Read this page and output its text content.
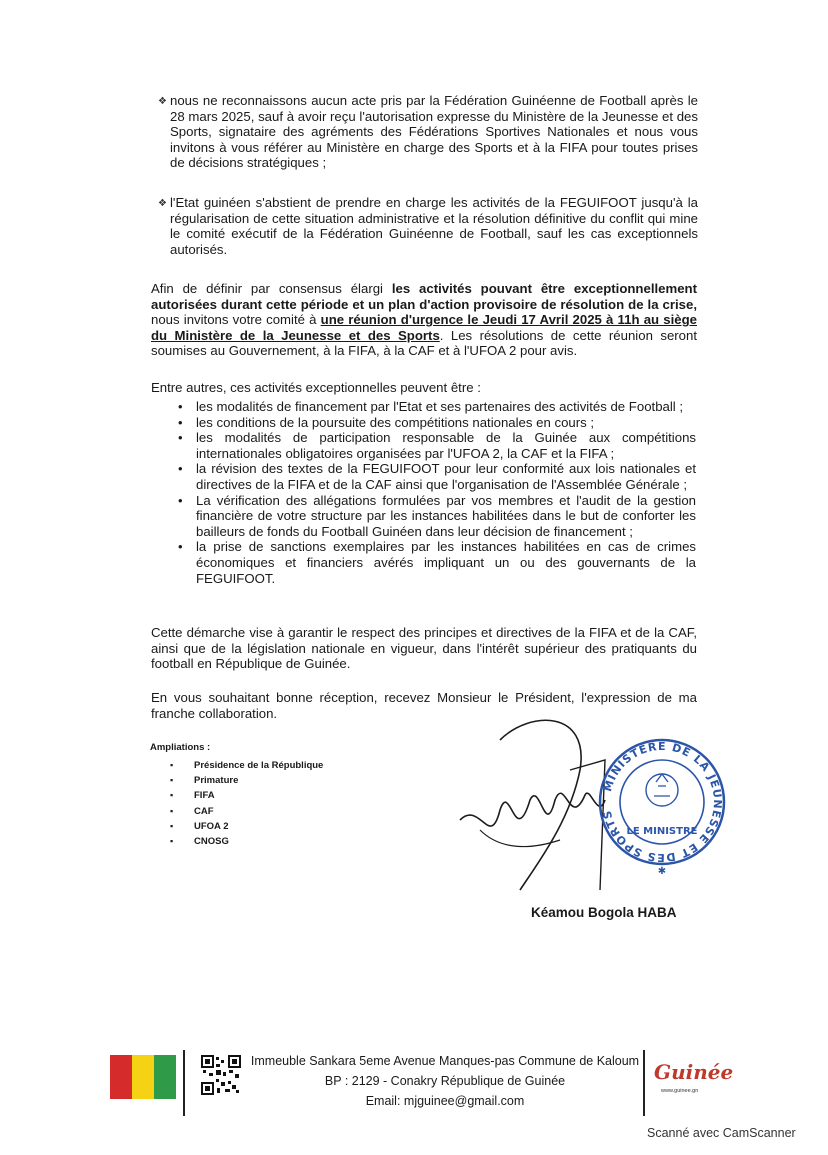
❖ nous ne reconnaissons aucun acte pris par la Fédération Guinéenne de Football après le 28 mars 2025, sauf à avoir reçu l'autorisation expresse du Ministère de la Jeunesse et des Sports, signataire des agréments des Fédérations Sportives Nationales et nous vous invitons à vous référer au Ministère en charge des Sports et à la FIFA pour toutes prises de décisions stratégiques ;
❖ l'Etat guinéen s'abstient de prendre en charge les activités de la FEGUIFOOT jusqu'à la régularisation de cette situation administrative et la résolution définitive du conflit qui mine le comité exécutif de la Fédération Guinéenne de Football, sauf les cas exceptionnels autorisés.
Afin de définir par consensus élargi les activités pouvant être exceptionnellement autorisées durant cette période et un plan d'action provisoire de résolution de la crise, nous invitons votre comité à une réunion d'urgence le Jeudi 17 Avril 2025 à 11h au siège du Ministère de la Jeunesse et des Sports. Les résolutions de cette réunion seront soumises au Gouvernement, à la FIFA, à la CAF et à l'UFOA 2 pour avis.
Entre autres, ces activités exceptionnelles peuvent être :
• les modalités de financement par l'Etat et ses partenaires des activités de Football ;
• les conditions de la poursuite des compétitions nationales en cours ;
• les modalités de participation responsable de la Guinée aux compétitions internationales obligatoires organisées par l'UFOA 2, la CAF et la FIFA ;
• la révision des textes de la FEGUIFOOT pour leur conformité aux lois nationales et directives de la FIFA et de la CAF ainsi que l'organisation de l'Assemblée Générale ;
• La vérification des allégations formulées par vos membres et l'audit de la gestion financière de votre structure par les instances habilitées dans le but de conforter les bailleurs de fonds du Football Guinéen dans leur décision de financement ;
• la prise de sanctions exemplaires par les instances habilitées en cas de crimes économiques et financiers avérés impliquant un ou des gouvernants de la FEGUIFOOT.
Cette démarche vise à garantir le respect des principes et directives de la FIFA et de la CAF, ainsi que de la législation nationale en vigueur, dans l'intérêt supérieur des pratiquants du football en République de Guinée.
En vous souhaitant bonne réception, recevez Monsieur le Président, l'expression de ma franche collaboration.
Ampliations :
▪ Présidence de la République
▪ Primature
▪ FIFA
▪ CAF
▪ UFOA 2
▪ CNOSG
MINISTÈRE DE LA JEUNESSE ET DES SPORTS
LE MINISTRE
✱
Kéamou Bogola HABA
Immeuble Sankara 5eme Avenue Manques-pas Commune de Kaloum
BP : 2129 - Conakry République de Guinée
Email: mjguinee@gmail.com
Guinée
www.guinee.gn
Scanné avec CamScanner
